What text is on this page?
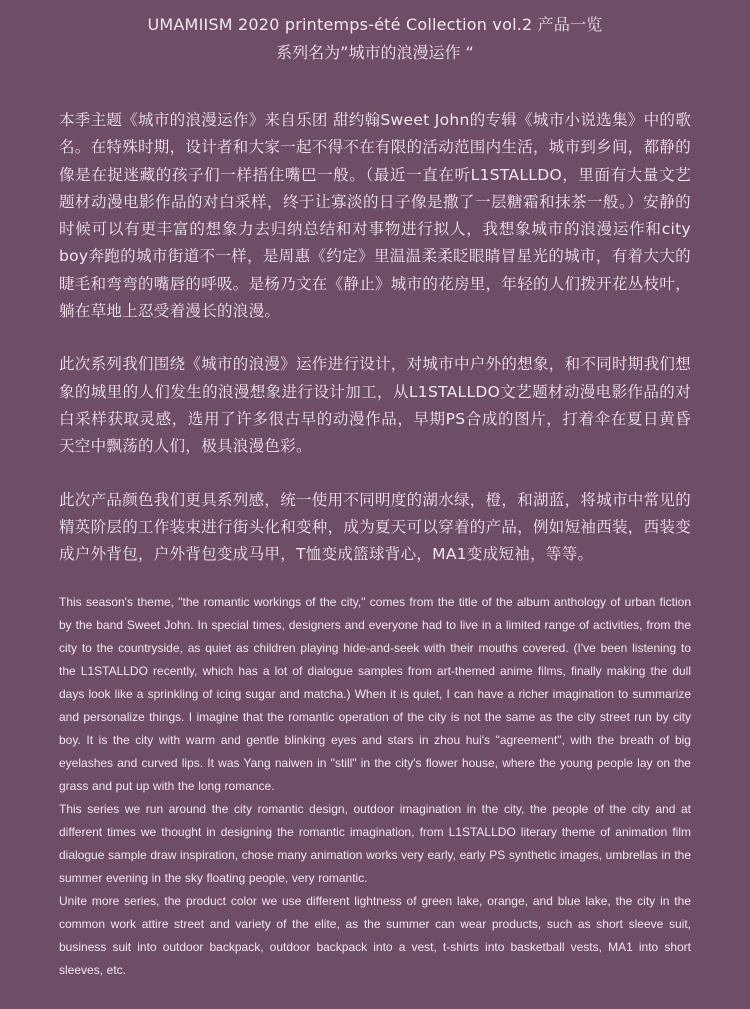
UMAMIISM 2020 printemps-été Collection vol.2 产品一览
系列名为”城市的浪漫运作 “

本季主题《城市的浪漫运作》来自乐团 甜约翰Sweet John的专辑《城市小说选集》中的歌名。在特殊时期，设计者和大家一起不得不在有限的活动范围内生活，城市到乡间，都静的像是在捉迷藏的孩子们一样捂住嘴巴一般。（最近一直在听L1STALLDO，里面有大量文艺题材动漫电影作品的对白采样，终于让寡淡的日子像是撒了一层糖霜和抹茶一般。）安静的时候可以有更丰富的想象力去归纳总结和对事物进行拟人，我想象城市的浪漫运作和city boy奔跑的城市街道不一样，是周惠《约定》里温温柔柔眨眼睛冒星光的城市，有着大大的睫毛和弯弯的嘴唇的呼吸。是杨乃文在《静止》城市的花房里，年轻的人们拨开花丛枝叶，躺在草地上忍受着漫长的浪漫。

此次系列我们围绕《城市的浪漫》运作进行设计，对城市中户外的想象，和不同时期我们想象的城里的人们发生的浪漫想象进行设计加工，从L1STALLDO文艺题材动漫电影作品的对白采样获取灵感，选用了许多很古早的动漫作品，早期PS合成的图片，打着伞在夏日黄昏天空中飘荡的人们，极具浪漫色彩。

此次产品颜色我们更具系列感，统一使用不同明度的湖水绿，橙，和湖蓝，将城市中常见的精英阶层的工作装束进行街头化和变种，成为夏天可以穿着的产品，例如短袖西装，西装变成户外背包，户外背包变成马甲，T恤变成篮球背心，MA1变成短袖，等等。

This season's theme, "the romantic workings of the city," comes from the title of the album anthology of urban fiction by the band Sweet John. In special times, designers and everyone had to live in a limited range of activities, from the city to the countryside, as quiet as children playing hide-and-seek with their mouths covered. (I've been listening to the L1STALLDO recently, which has a lot of dialogue samples from art-themed anime films, finally making the dull days look like a sprinkling of icing sugar and matcha.) When it is quiet, I can have a richer imagination to summarize and personalize things. I imagine that the romantic operation of the city is not the same as the city street run by city boy. It is the city with warm and gentle blinking eyes and stars in zhou hui's "agreement", with the breath of big eyelashes and curved lips. It was Yang naiwen in "still" in the city's flower house, where the young people lay on the grass and put up with the long romance.

This series we run around the city romantic design, outdoor imagination in the city, the people of the city and at different times we thought in designing the romantic imagination, from L1STALLDO literary theme of animation film dialogue sample draw inspiration, chose many animation works very early, early PS synthetic images, umbrellas in the summer evening in the sky floating people, very romantic.

Unite more series, the product color we use different lightness of green lake, orange, and blue lake, the city in the common work attire street and variety of the elite, as the summer can wear products, such as short sleeve suit, business suit into outdoor backpack, outdoor backpack into a vest, t-shirts into basketball vests, MA1 into short sleeves, etc.
